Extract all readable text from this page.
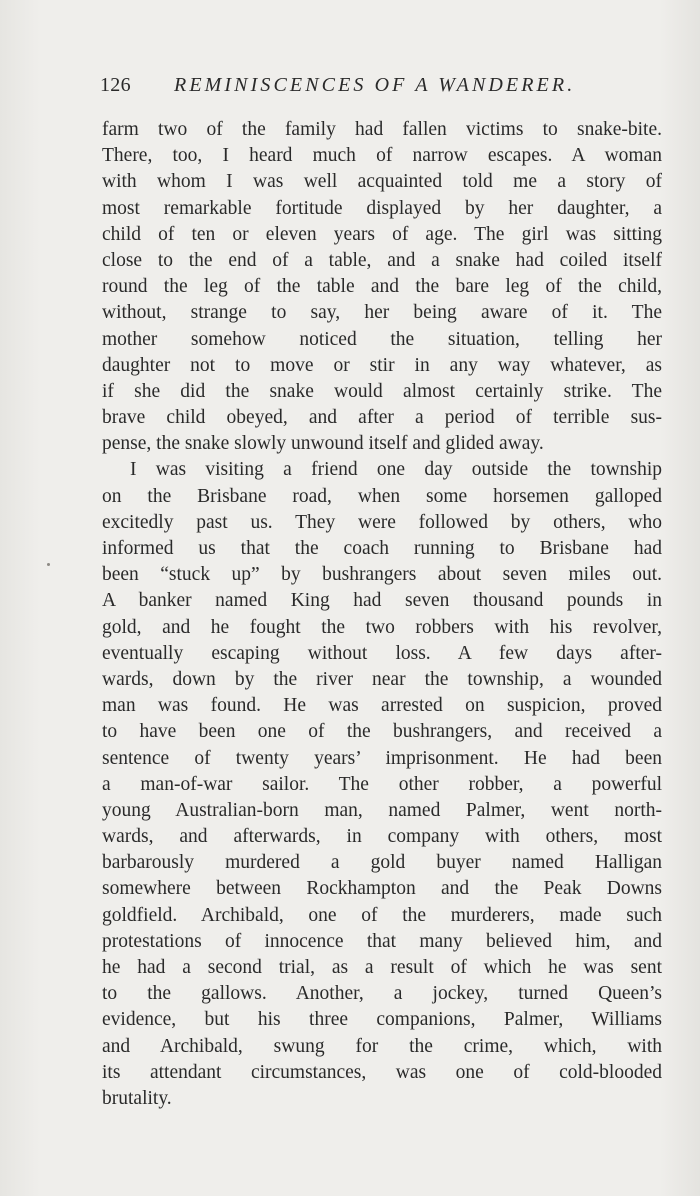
126 REMINISCENCES OF A WANDERER.
farm two of the family had fallen victims to snake-bite.
There, too, I heard much of narrow escapes. A woman
with whom I was well acquainted told me a story of
most remarkable fortitude displayed by her daughter, a
child of ten or eleven years of age. The girl was sitting
close to the end of a table, and a snake had coiled itself
round the leg of the table and the bare leg of the child,
without, strange to say, her being aware of it. The
mother somehow noticed the situation, telling her
daughter not to move or stir in any way whatever, as
if she did the snake would almost certainly strike. The
brave child obeyed, and after a period of terrible sus-
pense, the snake slowly unwound itself and glided away.
I was visiting a friend one day outside the township
on the Brisbane road, when some horsemen galloped
excitedly past us. They were followed by others, who
informed us that the coach running to Brisbane had
been “stuck up” by bushrangers about seven miles out.
A banker named King had seven thousand pounds in
gold, and he fought the two robbers with his revolver,
eventually escaping without loss. A few days after-
wards, down by the river near the township, a wounded
man was found. He was arrested on suspicion, proved
to have been one of the bushrangers, and received a
sentence of twenty years’ imprisonment. He had been
a man-of-war sailor. The other robber, a powerful
young Australian-born man, named Palmer, went north-
wards, and afterwards, in company with others, most
barbarously murdered a gold buyer named Halligan
somewhere between Rockhampton and the Peak Downs
goldfield. Archibald, one of the murderers, made such
protestations of innocence that many believed him, and
he had a second trial, as a result of which he was sent
to the gallows. Another, a jockey, turned Queen’s
evidence, but his three companions, Palmer, Williams
and Archibald, swung for the crime, which, with
its attendant circumstances, was one of cold-blooded
brutality.
